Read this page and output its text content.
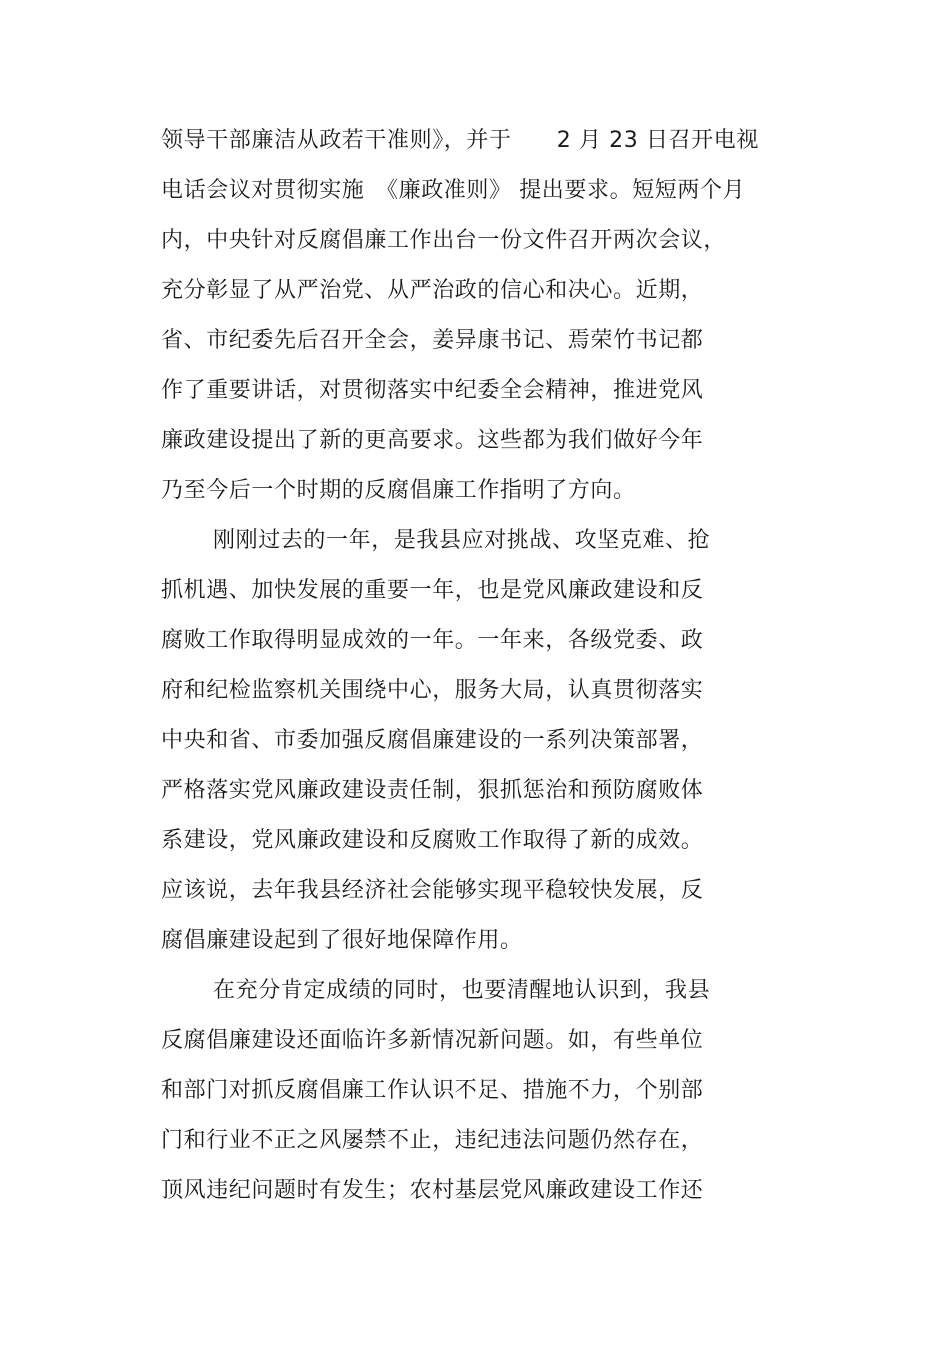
领导干部廉洁从政若干准则》，并于　　2 月 23 日召开电视
电话会议对贯彻实施　《廉政准则》 提出要求。短短两个月
内，中央针对反腐倡廉工作出台一份文件召开两次会议，
充分彰显了从严治党、从严治政的信心和决心。近期，
省、市纪委先后召开全会，姜异康书记、焉荣竹书记都
作了重要讲话，对贯彻落实中纪委全会精神，推进党风
廉政建设提出了新的更高要求。这些都为我们做好今年
乃至今后一个时期的反腐倡廉工作指明了方向。
刚刚过去的一年，是我县应对挑战、攻坚克难、抢
抓机遇、加快发展的重要一年，也是党风廉政建设和反
腐败工作取得明显成效的一年。一年来，各级党委、政
府和纪检监察机关围绕中心，服务大局，认真贯彻落实
中央和省、市委加强反腐倡廉建设的一系列决策部署，
严格落实党风廉政建设责任制，狠抓惩治和预防腐败体
系建设，党风廉政建设和反腐败工作取得了新的成效。
应该说，去年我县经济社会能够实现平稳较快发展，反
腐倡廉建设起到了很好地保障作用。
在充分肯定成绩的同时，也要清醒地认识到，我县
反腐倡廉建设还面临许多新情况新问题。如，有些单位
和部门对抓反腐倡廉工作认识不足、措施不力，个别部
门和行业不正之风屡禁不止，违纪违法问题仍然存在，
顶风违纪问题时有发生；农村基层党风廉政建设工作还
